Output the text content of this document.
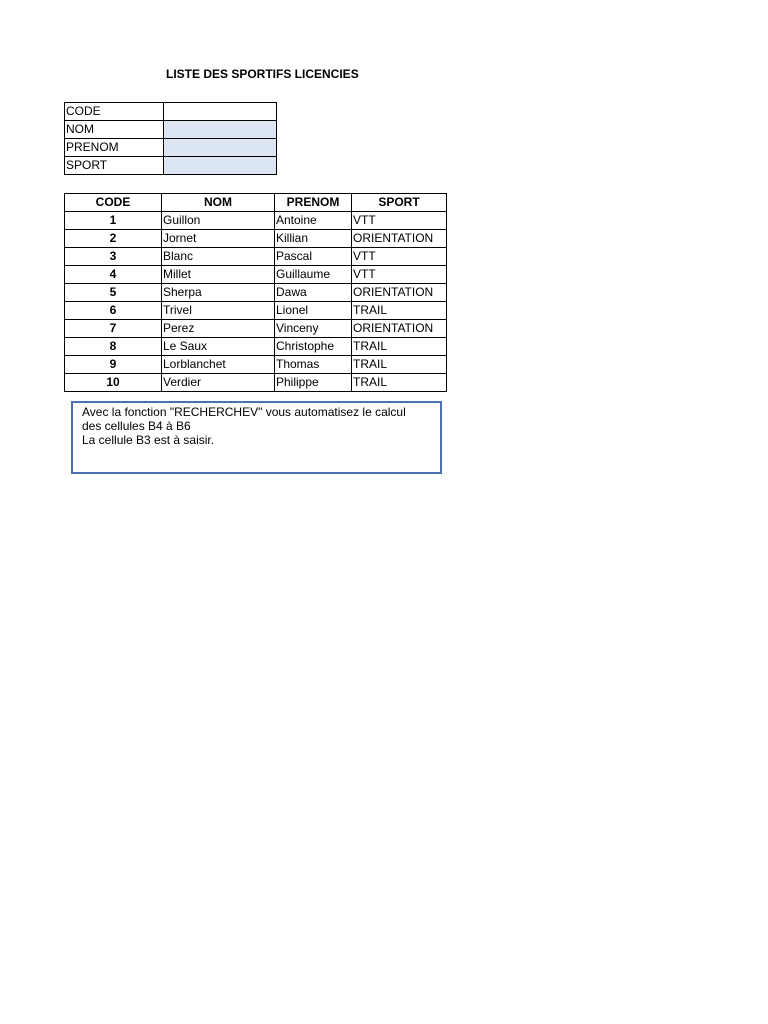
LISTE DES SPORTIFS LICENCIES
CODE	
NOM	
PRENOM	
SPORT	
CODE	NOM	PRENOM	SPORT
1	Guillon	Antoine	VTT
2	Jornet	Killian	ORIENTATION
3	Blanc	Pascal	VTT
4	Millet	Guillaume	VTT
5	Sherpa	Dawa	ORIENTATION
6	Trivel	Lionel	TRAIL
7	Perez	Vinceny	ORIENTATION
8	Le Saux	Christophe	TRAIL
9	Lorblanchet	Thomas	TRAIL
10	Verdier	Philippe	TRAIL
Avec la fonction "RECHERCHEV" vous automatisez le calcul
des cellules B4 à B6
La cellule B3 est à saisir.
